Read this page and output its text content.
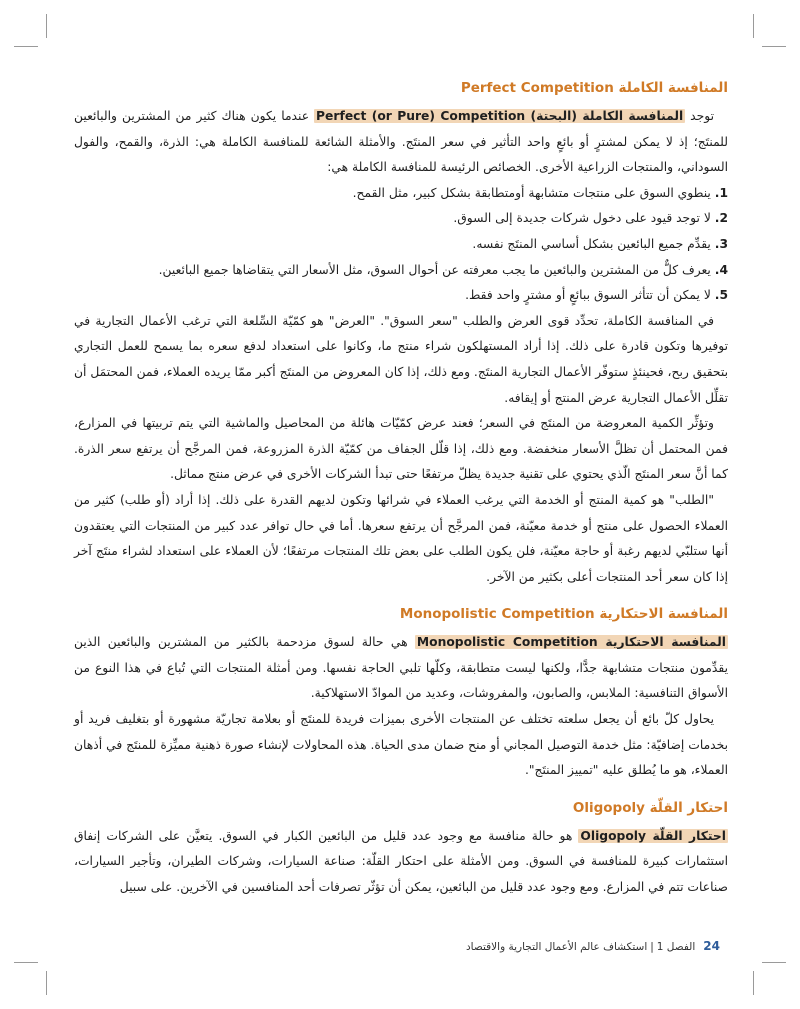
المنافسة الكاملة Perfect Competition

توجد المنافسة الكاملة (البحتة) Perfect (or Pure) Competition عندما يكون هناك كثير من المشترين والبائعين للمنتَج؛ إذ لا يمكن لمشترٍ أو بائعٍ واحد التأثير في سعر المنتَج. والأمثلة الشائعة للمنافسة الكاملة هي: الذرة، والقمح، والفول السوداني، والمنتجات الزراعية الأخرى. الخصائص الرئيسة للمنافسة الكاملة هي:

1. ينطوي السوق على منتجات متشابهة أومتطابقة بشكل كبير، مثل القمح.
2. لا توجد قيود على دخول شركات جديدة إلى السوق.
3. يقدِّم جميع البائعين بشكل أساسي المنتَج نفسه.
4. يعرف كلٌّ من المشترين والبائعين ما يجب معرفته عن أحوال السوق، مثل الأسعار التي يتقاضاها جميع البائعين.
5. لا يمكن أن تتأثر السوق ببائعٍ أو مشترٍ واحد فقط.

في المنافسة الكاملة، تحدِّد قوى العرض والطلب "سعر السوق". "العرض" هو كمّيّة السِّلعة التي ترغب الأعمال التجارية في توفيرها وتكون قادرة على ذلك. إذا أراد المستهلكون شراء منتج ما، وكانوا على استعداد لدفع سعره بما يسمح للعمل التجاري بتحقيق ربح، فحينئذٍ ستوفّر الأعمال التجارية المنتَج. ومع ذلك، إذا كان المعروض من المنتَج أكبر ممّا يريده العملاء، فمن المحتمَل أن تقلِّل الأعمال التجارية عرض المنتج أو إيقافه.

وتؤثِّر الكمية المعروضة من المنتَج في السعر؛ فعند عرض كمّيّات هائلة من المحاصيل والماشية التي يتم تربيتها في المزارع، فمن المحتمل أن تظلَّ الأسعار منخفضة. ومع ذلك، إذا قلّل الجفاف من كمّيّة الذرة المزروعة، فمن المرجَّح أن يرتفع سعر الذرة. كما أنَّ سعر المنتَج الّذي يحتوي على تقنية جديدة يظلّ مرتفعًا حتى تبدأ الشركات الأخرى في عرض منتج مماثل.

"الطلب" هو كمية المنتج أو الخدمة التي يرغب العملاء في شرائها وتكون لديهم القدرة على ذلك. إذا أراد (أو طلب) كثير من العملاء الحصول على منتج أو خدمة معيّنة، فمن المرجَّح أن يرتفع سعرها. أما في حال توافر عدد كبير من المنتجات التي يعتقدون أنها ستلبّي لديهم رغبة أو حاجة معيّنة، فلن يكون الطلب على بعض تلك المنتجات مرتفعًا؛ لأن العملاء على استعداد لشراء منتَج آخر إذا كان سعر أحد المنتجات أعلى بكثير من الآخر.

المنافسة الاحتكارية Monopolistic Competition

المنافسة الاحتكارية Monopolistic Competition هي حالة لسوق مزدحمة بالكثير من المشترين والبائعين الذين يقدِّمون منتجات متشابهة جدًّا، ولكنها ليست متطابقة، وكلّها تلبي الحاجة نفسها. ومن أمثلة المنتجات التي تُباع في هذا النوع من الأسواق التنافسية: الملابس، والصابون، والمفروشات، وعديد من الموادّ الاستهلاكية.

يحاول كلّ بائع أن يجعل سلعته تختلف عن المنتجات الأخرى بميزات فريدة للمنتَج أو بعلامة تجاريّة مشهورة أو بتغليف فريد أو بخدمات إضافيّة: مثل خدمة التوصيل المجاني أو منح ضمان مدى الحياة. هذه المحاولات لإنشاء صورة ذهنية مميِّزة للمنتَج في أذهان العملاء، هو ما يُطلق عليه "تمييز المنتَج".

احتكار القلّة Oligopoly

احتكار القلّة Oligopoly هو حالة منافسة مع وجود عدد قليل من البائعين الكبار في السوق. يتعيَّن على الشركات إنفاق استثمارات كبيرة للمنافسة في السوق. ومن الأمثلة على احتكار القلّة: صناعة السيارات، وشركات الطيران، وتأجير السيارات، صناعات تتم في المزارع. ومع وجود عدد قليل من البائعين، يمكن أن تؤثّر تصرفات أحد المنافسين في الآخرين. على سبيل

24الفصل 1|استكشاف عالم الأعمال التجارية والاقتصاد
